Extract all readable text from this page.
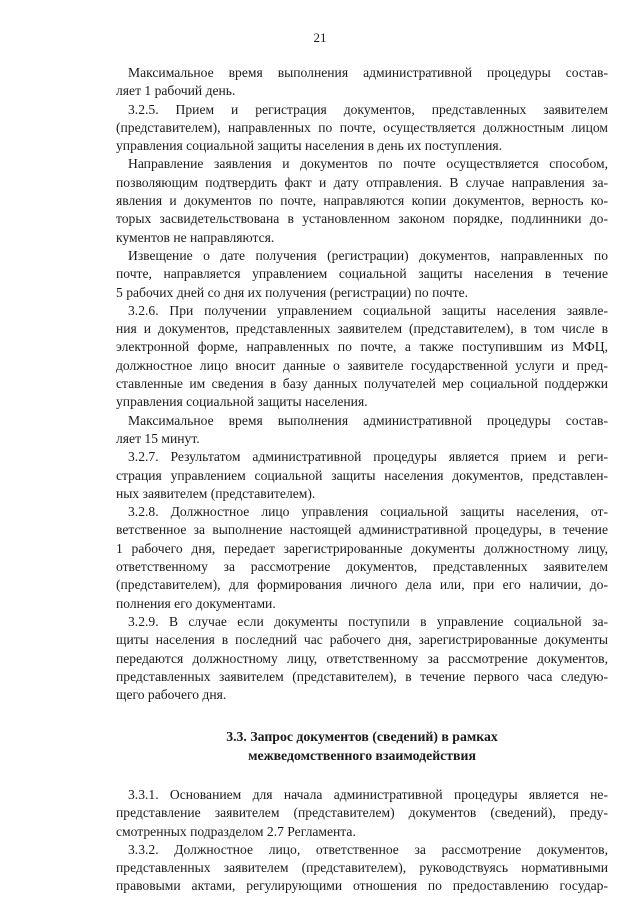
21
Максимальное время выполнения административной процедуры состав-
ляет 1 рабочий день.
3.2.5. Прием и регистрация документов, представленных заявителем
(представителем), направленных по почте, осуществляется должностным лицом
управления социальной защиты населения в день их поступления.
Направление заявления и документов по почте осуществляется способом,
позволяющим подтвердить факт и дату отправления. В случае направления за-
явления и документов по почте, направляются копии документов, верность ко-
торых засвидетельствована в установленном законом порядке, подлинники до-
кументов не направляются.
Извещение о дате получения (регистрации) документов, направленных по
почте, направляется управлением социальной защиты населения в течение
5 рабочих дней со дня их получения (регистрации) по почте.
3.2.6. При получении управлением социальной защиты населения заявле-
ния и документов, представленных заявителем (представителем), в том числе в
электронной форме, направленных по почте, а также поступившим из МФЦ,
должностное лицо вносит данные о заявителе государственной услуги и пред-
ставленные им сведения в базу данных получателей мер социальной поддержки
управления социальной защиты населения.
Максимальное время выполнения административной процедуры состав-
ляет 15 минут.
3.2.7. Результатом административной процедуры является прием и реги-
страция управлением социальной защиты населения документов, представлен-
ных заявителем (представителем).
3.2.8. Должностное лицо управления социальной защиты населения, от-
ветственное за выполнение настоящей административной процедуры, в течение
1 рабочего дня, передает зарегистрированные документы должностному лицу,
ответственному за рассмотрение документов, представленных заявителем
(представителем), для формирования личного дела или, при его наличии, до-
полнения его документами.
3.2.9. В случае если документы поступили в управление социальной за-
щиты населения в последний час рабочего дня, зарегистрированные документы
передаются должностному лицу, ответственному за рассмотрение документов,
представленных заявителем (представителем), в течение первого часа следую-
щего рабочего дня.
3.3. Запрос документов (сведений) в рамках
межведомственного взаимодействия
3.3.1. Основанием для начала административной процедуры является не-
представление заявителем (представителем) документов (сведений), преду-
смотренных подразделом 2.7 Регламента.
3.3.2. Должностное лицо, ответственное за рассмотрение документов,
представленных заявителем (представителем), руководствуясь нормативными
правовыми актами, регулирующими отношения по предоставлению государ-
